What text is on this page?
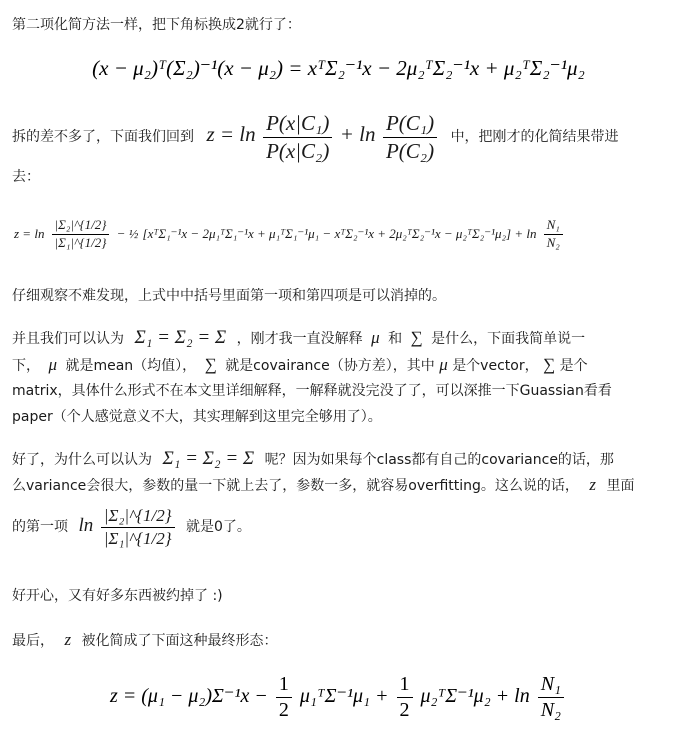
第二项化简方法一样，把下角标换成2就行了：
(x − μ₂)ᵀ(Σ₂)⁻¹(x − μ₂) = xᵀΣ₂⁻¹x − 2μ₂ᵀΣ₂⁻¹x + μ₂ᵀΣ₂⁻¹μ₂
拆的差不多了，下面我们回到 $z = \ln \frac{\text{P(x|C₁)}}{\text{P(x|C₂)}} + \ln \frac{\text{P(C₁)}}{\text{P(C₂)}}$ 中，把刚才的化简结果带进
去：
$z = \ln \frac{\text{|Σ₂|\textasciicircum{}\{1/2\}}}{\text{|Σ₁|\textasciicircum{}\{1/2\}}}$ − ½ [xᵀΣ₁⁻¹x − 2μ₁ᵀΣ₁⁻¹x + μ₁ᵀΣ₁⁻¹μ₁ − xᵀΣ₂⁻¹x + 2μ₂ᵀΣ₂⁻¹x − μ₂ᵀΣ₂⁻¹μ₂] + $\ln \frac{\text{N₁}}{\text{N₂}}$
仔细观察不难发现，上式中中括号里面第一项和第四项是可以消掉的。
并且我们可以认为 Σ₁ = Σ₂ = Σ ，刚才我一直没解释 μ 和 ∑ 是什么，下面我简单说一
下， μ 就是mean（均值）， ∑ 就是covairance（协方差），其中 μ 是个vector， ∑ 是个
matrix，具体什么形式不在本文里详细解释，一解释就没完没了了，可以深推一下Guassian看看
paper（个人感觉意义不大，其实理解到这里完全够用了）。
好了，为什么可以认为 Σ₁ = Σ₂ = Σ 呢？因为如果每个class都有自己的covariance的话，那
么variance会很大，参数的量一下就上去了，参数一多，就容易overfitting。这么说的话， z 里面
的第一项 $\ln \frac{\text{|Σ₂|\textasciicircum{}\{1/2\}}}{\text{|Σ₁|\textasciicircum{}\{1/2\}}}$ 就是0了。
好开心，又有好多东西被约掉了 :)
最后， z 被化简成了下面这种最终形态：
$z = (\mu_1 - \mu_2)\Sigma^{-1}x - \frac{1}{2}$ μ₁ᵀΣ⁻¹μ₁ + $\frac{1}{2}$ μ₂ᵀΣ⁻¹μ₂ + $\ln \frac{\text{N₁}}{\text{N₂}}$
